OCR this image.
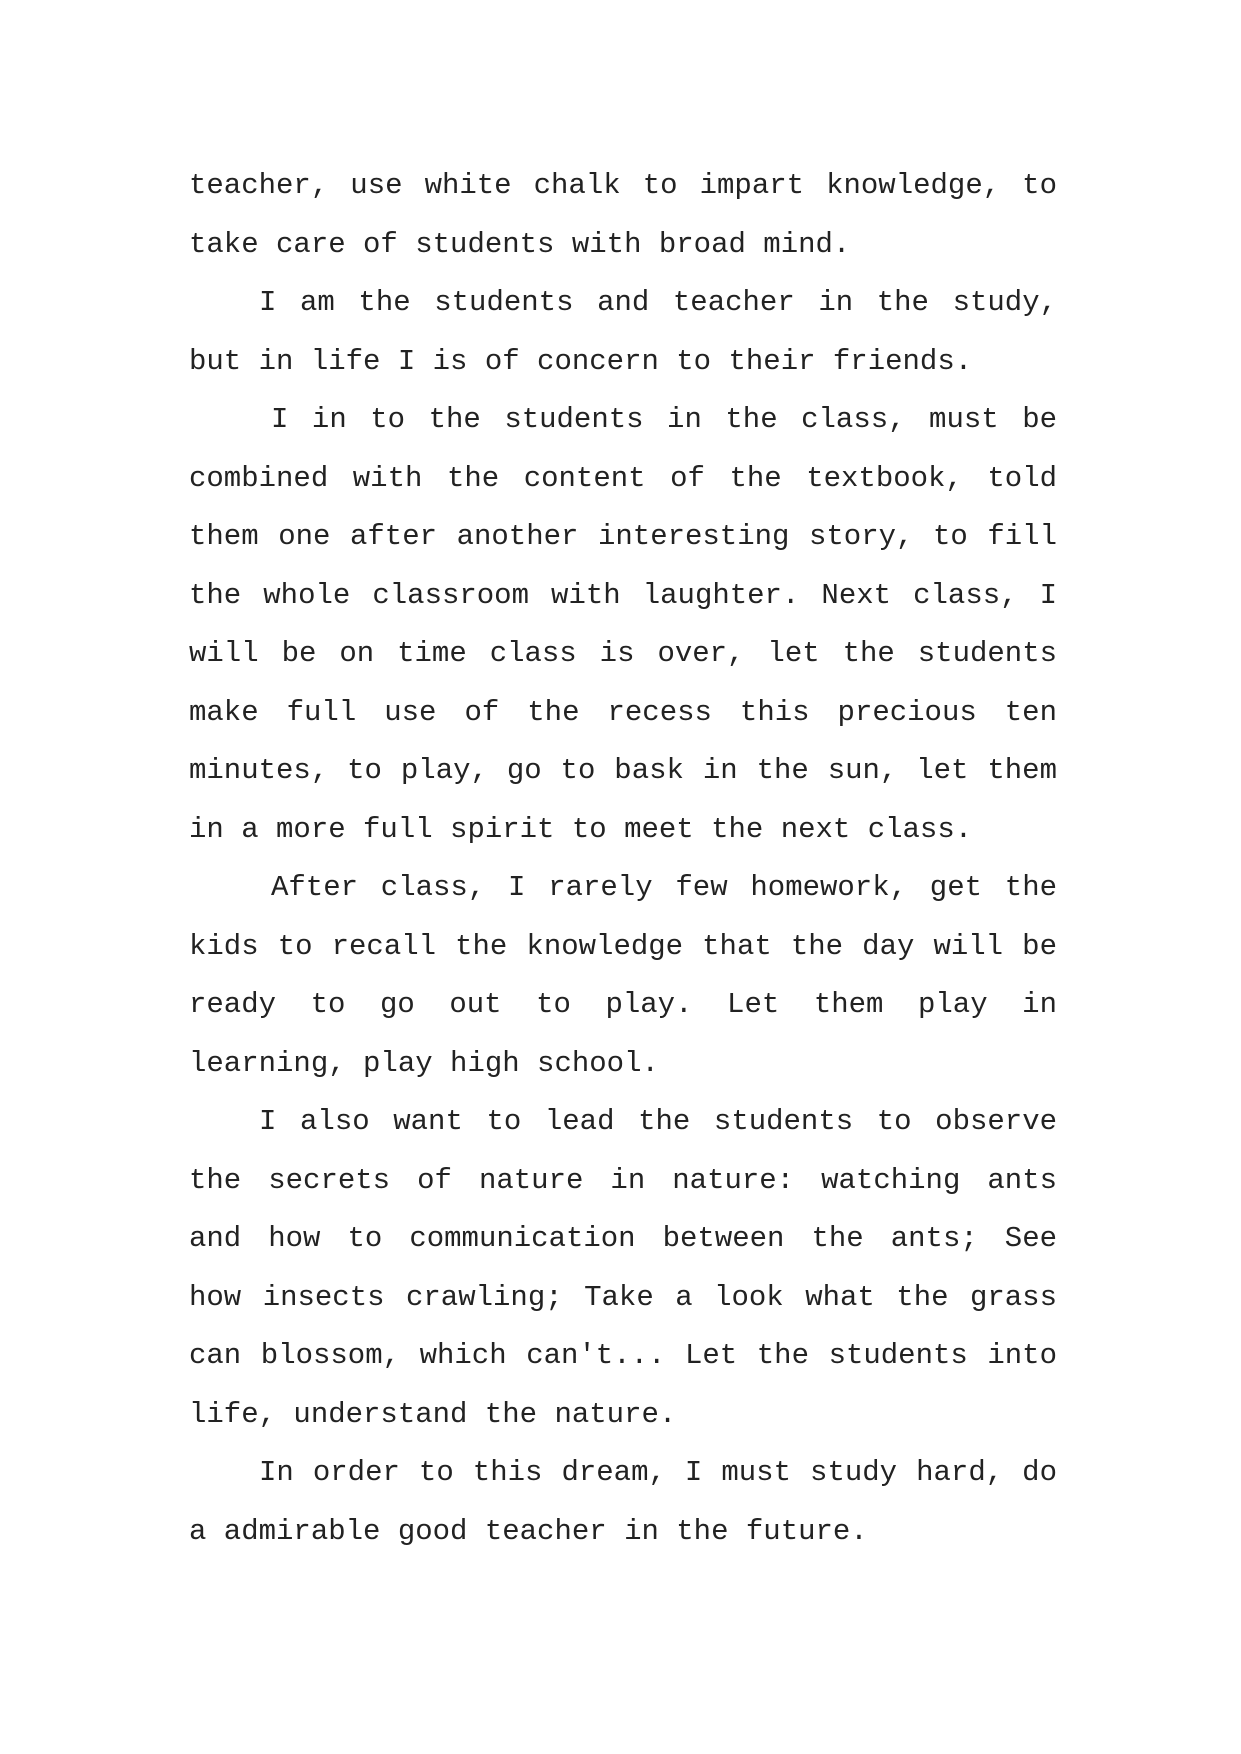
teacher, use white chalk to impart knowledge, to take care of students with broad mind.

I am the students and teacher in the study, but in life I is of concern to their friends.

I in to the students in the class, must be combined with the content of the textbook, told them one after another interesting story, to fill the whole classroom with laughter. Next class, I will be on time class is over, let the students make full use of the recess this precious ten minutes, to play, go to bask in the sun, let them in a more full spirit to meet the next class.

After class, I rarely few homework, get the kids to recall the knowledge that the day will be ready to go out to play. Let them play in learning, play high school.

I also want to lead the students to observe the secrets of nature in nature: watching ants and how to communication between the ants; See how insects crawling; Take a look what the grass can blossom, which can't... Let the students into life, understand the nature.

In order to this dream, I must study hard, do a admirable good teacher in the future.
